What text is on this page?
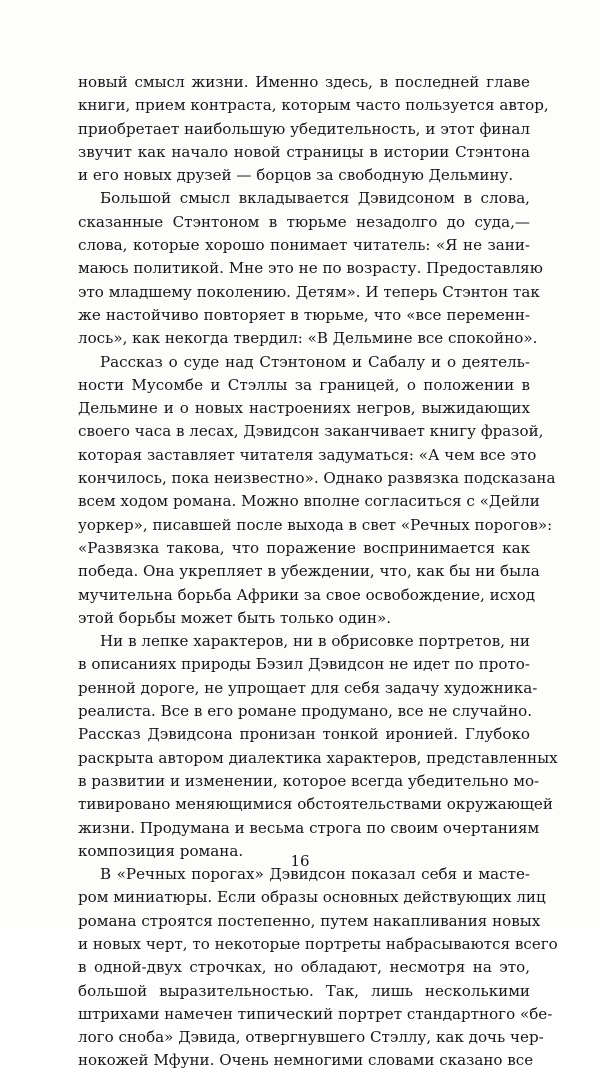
новый смысл жизни. Именно здесь, в последней главе
книги, прием контраста, которым часто пользуется автор,
приобретает наибольшую убедительность, и этот финал
звучит как начало новой страницы в истории Стэнтона
и его новых друзей — борцов за свободную Дельмину.
Большой смысл вкладывается Дэвидсоном в слова,
сказанные Стэнтоном в тюрьме незадолго до суда,—
слова, которые хорошо понимает читатель: «Я не зани-
маюсь политикой. Мне это не по возрасту. Предоставляю
это младшему поколению. Детям». И теперь Стэнтон так
же настойчиво повторяет в тюрьме, что «все переменн-
лось», как некогда твердил: «В Дельмине все спокойно».
Рассказ о суде над Стэнтоном и Сабалу и о деятель-
ности Мусомбе и Стэллы за границей, о положении в
Дельмине и о новых настроениях негров, выжидающих
своего часа в лесах, Дэвидсон заканчивает книгу фразой,
которая заставляет читателя задуматься: «А чем все это
кончилось, пока неизвестно». Однако развязка подсказана
всем ходом романа. Можно вполне согласиться с «Дейли
уоркер», писавшей после выхода в свет «Речных порогов»:
«Развязка такова, что поражение воспринимается как
победа. Она укрепляет в убеждении, что, как бы ни была
мучительна борьба Африки за свое освобождение, исход
этой борьбы может быть только один».
Ни в лепке характеров, ни в обрисовке портретов, ни
в описаниях природы Бэзил Дэвидсон не идет по прото-
ренной дороге, не упрощает для себя задачу художника-
реалиста. Все в его романе продумано, все не случайно.
Рассказ Дэвидсона пронизан тонкой иронией. Глубоко
раскрыта автором диалектика характеров, представленных
в развитии и изменении, которое всегда убедительно мо-
тивировано меняющимися обстоятельствами окружающей
жизни. Продумана и весьма строга по своим очертаниям
композиция романа.
В «Речных порогах» Дэвидсон показал себя и масте-
ром миниатюры. Если образы основных действующих лиц
романа строятся постепенно, путем накапливания новых
и новых черт, то некоторые портреты набрасываются всего
в одной-двух строчках, но обладают, несмотря на это,
большой выразительностью. Так, лишь несколькими
штрихами намечен типический портрет стандартного «бе-
лого сноба» Дэвида, отвергнувшего Стэллу, как дочь чер-
нокожей Мфуни. Очень немногими словами сказано все
16
